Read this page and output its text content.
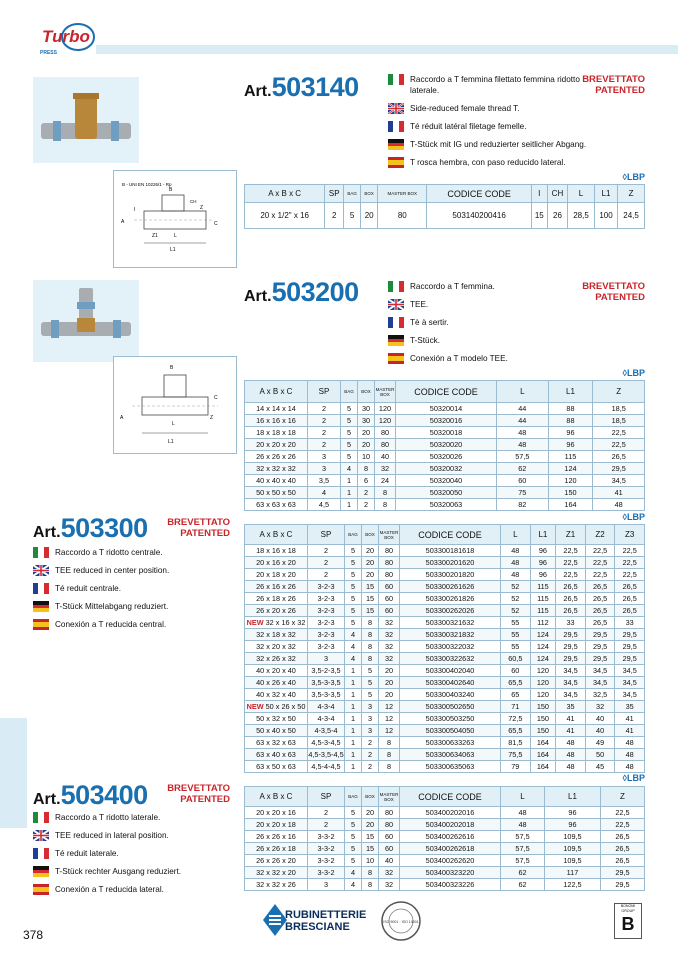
Turbo
PRESS
B - UNI EN 10226/1 - Rp
A
B
C
CH
L
L1
I	Z
Z1
Art.503140	BREVETTATO
PATENTED
Raccordo a T femmina filettato femmina ridotto laterale.
Side-reduced female thread T.
Té réduit latéral filetage femelle.
T-Stück mit IG und reduzierter seitlicher Abgang.
T rosca hembra, con paso reducido lateral.
◊LBP
A x B x C	SP	BAG	BOX	MASTER BOX	CODICE CODE	I	CH	L	L1	Z
20 x 1/2" x 16	2	5	20	80	503140200416	15	26	28,5	100	24,5
A
B
C
L
L1
Z
Art.503200	BREVETTATO
PATENTED
Raccordo a T femmina.
TEE.
Tè à sertir.
T-Stück.
Conexión a T modelo TEE.
◊LBP
A x B x C	SP	BAG	BOX	MASTER BOX	CODICE CODE	L	L1	Z
14 x 14 x 14	2	5	30	120	50320014	44	88	18,5
16 x 16 x 16	2	5	30	120	50320016	44	88	18,5
18 x 18 x 18	2	5	20	80	50320018	48	96	22,5
20 x 20 x 20	2	5	20	80	50320020	48	96	22,5
26 x 26 x 26	3	5	10	40	50320026	57,5	115	26,5
32 x 32 x 32	3	4	8	32	50320032	62	124	29,5
40 x 40 x 40	3,5	1	6	24	50320040	60	120	34,5
50 x 50 x 50	4	1	2	8	50320050	75	150	41
63 x 63 x 63	4,5	1	2	8	50320063	82	164	48
Art.503300	BREVETTATO
PATENTED
Raccordo a T ridotto centrale.
TEE reduced in center position.
Té reduit centrale.
T-Stück Mittelabgang reduziert.
Conexión a T reducida central.
◊LBP
A x B x C	SP	BAG	BOX	MASTER BOX	CODICE CODE	L	L1	Z1	Z2	Z3
18 x 16 x 18	2	5	20	80	503300181618	48	96	22,5	22,5	22,5
20 x 16 x 20	2	5	20	80	503300201620	48	96	22,5	22,5	22,5
20 x 18 x 20	2	5	20	80	503300201820	48	96	22,5	22,5	22,5
26 x 16 x 26	3-2-3	5	15	60	503300261626	52	115	26,5	26,5	26,5
26 x 18 x 26	3-2-3	5	15	60	503300261826	52	115	26,5	26,5	26,5
26 x 20 x 26	3-2-3	5	15	60	503300262026	52	115	26,5	26,5	26,5
NEW 32 x 16 x 32	3-2-3	5	8	32	503300321632	55	112	33	26,5	33
32 x 18 x 32	3-2-3	4	8	32	503300321832	55	124	29,5	29,5	29,5
32 x 20 x 32	3-2-3	4	8	32	503300322032	55	124	29,5	29,5	29,5
32 x 26 x 32	3	4	8	32	503300322632	60,5	124	29,5	29,5	29,5
40 x 20 x 40	3,5-2-3,5	1	5	20	503300402040	60	120	34,5	34,5	34,5
40 x 26 x 40	3,5-3-3,5	1	5	20	503300402640	65,5	120	34,5	34,5	34,5
40 x 32 x 40	3,5-3-3,5	1	5	20	503300403240	65	120	34,5	32,5	34,5
NEW 50 x 26 x 50	4-3-4	1	3	12	503300502650	71	150	35	32	35
50 x 32 x 50	4-3-4	1	3	12	503300503250	72,5	150	41	40	41
50 x 40 x 50	4-3,5-4	1	3	12	503300504050	65,5	150	41	40	41
63 x 32 x 63	4,5-3-4,5	1	2	8	503300633263	81,5	164	48	49	48
63 x 40 x 63	4,5-3,5-4,5	1	2	8	503300634063	75,5	164	48	50	48
63 x 50 x 63	4,5-4-4,5	1	2	8	503300635063	79	164	48	45	48
Art.503400	BREVETTATO
PATENTED
Raccordo a T ridotto laterale.
TEE reduced in lateral position.
Té reduit laterale.
T-Stück rechter Ausgang reduziert.
Conexión a T reducida lateral.
◊LBP
A x B x C	SP	BAG	BOX	MASTER BOX	CODICE CODE	L	L1	Z
20 x 20 x 16	2	5	20	80	503400202016	48	96	22,5
20 x 20 x 18	2	5	20	80	503400202018	48	96	22,5
26 x 26 x 16	3-3-2	5	15	60	503400262616	57,5	109,5	26,5
26 x 26 x 18	3-3-2	5	15	60	503400262618	57,5	109,5	26,5
26 x 26 x 20	3-3-2	5	10	40	503400262620	57,5	109,5	26,5
32 x 32 x 20	3-3-2	4	8	32	503400323220	62	117	29,5
32 x 32 x 26	3	4	8	32	503400323226	62	122,5	29,5
378
RUBINETTERIE
BRESCIANE	ISO 9001 · ISO 14001
BONOMI GROUP
B
